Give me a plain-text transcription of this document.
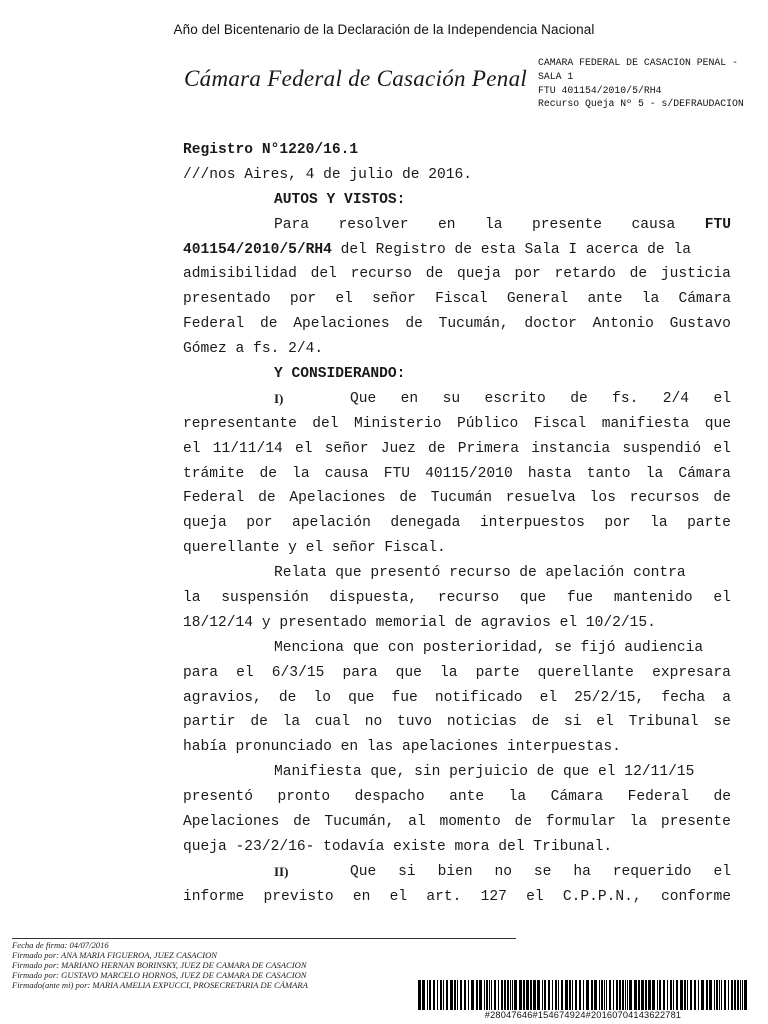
Año del Bicentenario de la Declaración de la Independencia Nacional
Cámara Federal de Casación Penal
CAMARA FEDERAL DE CASACION PENAL -
SALA 1
FTU 401154/2010/5/RH4
Recurso Queja Nº 5 - s/DEFRAUDACION
Registro N°1220/16.1
///nos Aires, 4 de julio de 2016.
AUTOS Y VISTOS:
Para resolver en la presente causa FTU
401154/2010/5/RH4 del Registro de esta Sala I acerca de la
admisibilidad del recurso de queja por retardo de justicia
presentado por el señor Fiscal General ante la Cámara
Federal de Apelaciones de Tucumán, doctor Antonio Gustavo
Gómez a fs. 2/4.
Y CONSIDERANDO:
I)	Que en su escrito de fs. 2/4 el
representante del Ministerio Público Fiscal manifiesta que
el 11/11/14 el señor Juez de Primera instancia suspendió el
trámite de la causa FTU 40115/2010 hasta tanto la Cámara
Federal de Apelaciones de Tucumán resuelva los recursos de
queja por apelación denegada interpuestos por la parte
querellante y el señor Fiscal.
Relata que presentó recurso de apelación contra
la suspensión dispuesta, recurso que fue mantenido el
18/12/14 y presentado memorial de agravios el 10/2/15.
Menciona que con posterioridad, se fijó audiencia
para el 6/3/15 para que la parte querellante expresara
agravios, de lo que fue notificado el 25/2/15, fecha a
partir de la cual no tuvo noticias de si el Tribunal se
había pronunciado en las apelaciones interpuestas.
Manifiesta que, sin perjuicio de que el 12/11/15
presentó pronto despacho ante la Cámara Federal de
Apelaciones de Tucumán, al momento de formular la presente
queja -23/2/16- todavía existe mora del Tribunal.
II)	Que si bien no se ha requerido el
informe previsto en el art. 127 el C.P.P.N., conforme
Fecha de firma: 04/07/2016
Firmado por: ANA MARIA FIGUEROA, JUEZ CASACION
Firmado por: MARIANO HERNAN BORINSKY, JUEZ DE CAMARA DE CASACION
Firmado por: GUSTAVO MARCELO HORNOS, JUEZ DE CAMARA DE CASACION
Firmado(ante mi) por: MARIA AMELIA EXPUCCI, PROSECRETARIA DE CÁMARA
#28047646#154674924#20160704143622781
